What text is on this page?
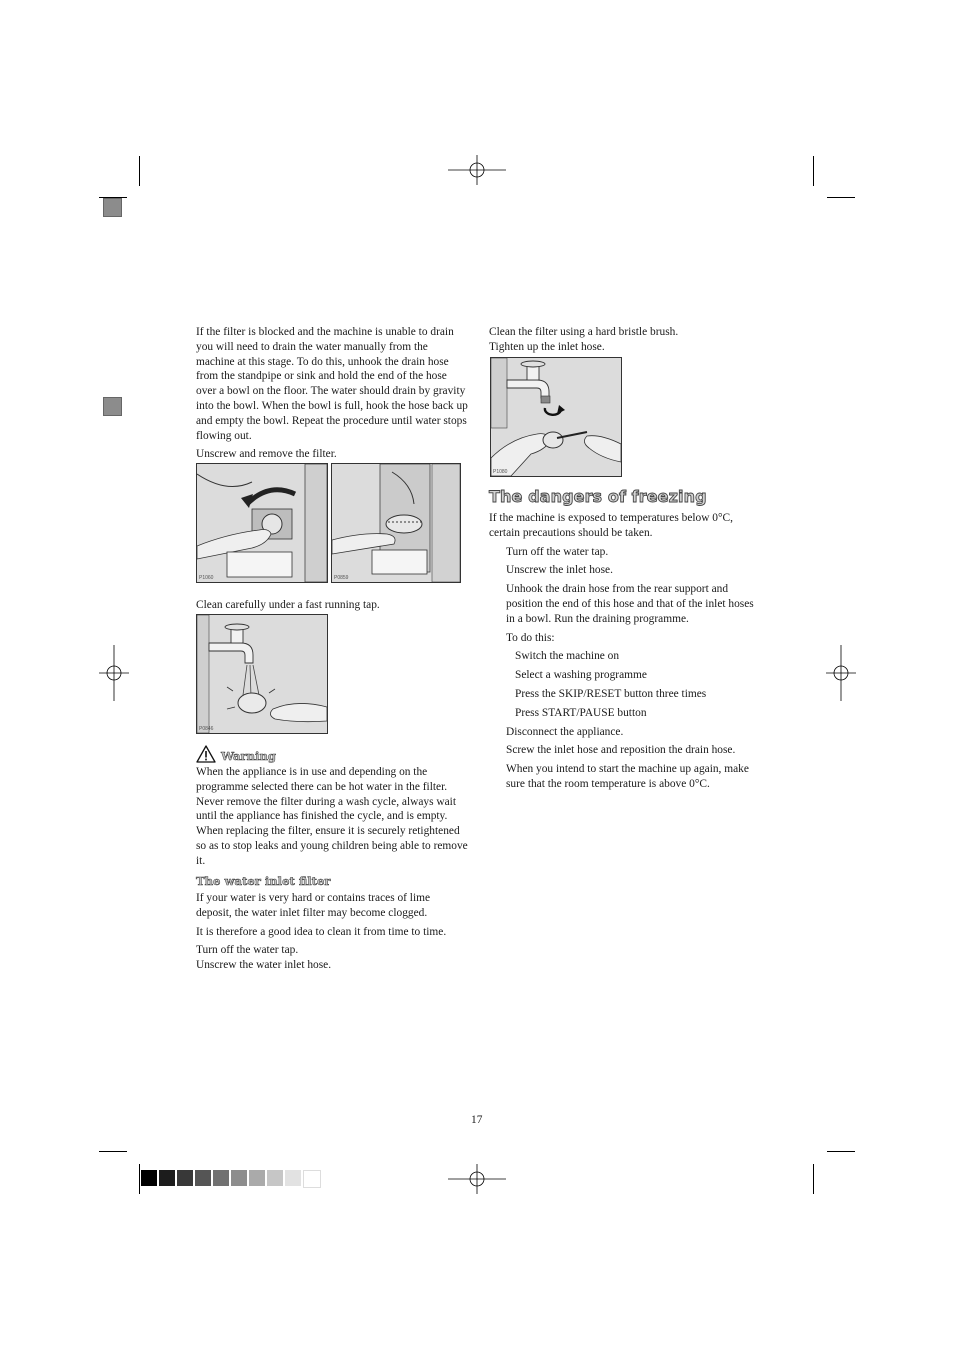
If the filter is blocked and the machine is unable to drain you will need to drain the water manually from the machine at this stage. To do this, unhook the drain hose from the standpipe or sink and hold the end of the hose over a bowl on the floor. The water should drain by gravity into the bowl. When the bowl is full, hook the hose back up and empty the bowl. Repeat the procedure until water stops flowing out.

Unscrew and remove the filter.

P1060	P0859
Clean carefully under a fast running tap.
P0846
Warning

When the appliance is in use and depending on the programme selected there can be hot water in the filter. Never remove the filter during a wash cycle, always wait until the appliance has finished the cycle, and is empty. When replacing the filter, ensure it is securely retightened so as to stop leaks and young children being able to remove it.

The water inlet filter

If your water is very hard or contains traces of lime deposit, the water inlet filter may become clogged.

It is therefore a good idea to clean it from time to time.

Turn off the water tap.

Unscrew the water inlet hose.

Clean the filter using a hard bristle brush.

Tighten up the inlet hose.

P1080
The dangers of freezing

If the machine is exposed to temperatures below 0°C, certain precautions should be taken.

Turn off the water tap.

Unscrew the inlet hose.

Unhook the drain hose from the rear support and position the end of this hose and that of the inlet hoses in a bowl. Run the draining programme.

To do this:

Switch the machine on

Select a washing programme

Press the SKIP/RESET button three times

Press START/PAUSE button

Disconnect the appliance.

Screw the inlet hose and reposition the drain hose.

When you intend to start the machine up again, make sure that the room temperature is above 0°C.

17
